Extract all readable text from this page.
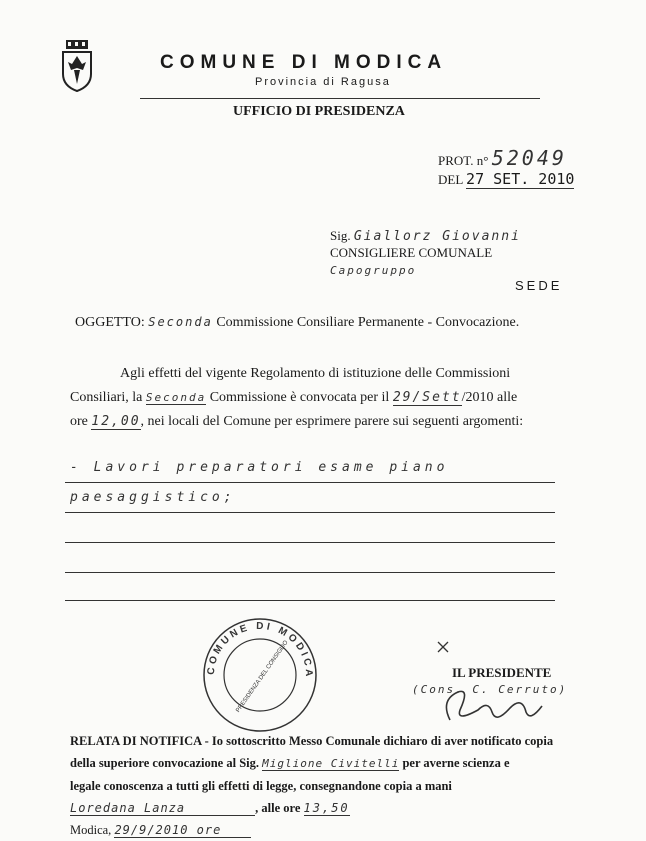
COMUNE DI MODICA
Provincia di Ragusa
UFFICIO DI PRESIDENZA
PROT. n° 52049
DEL 27 SET. 2010
Sig. Giallorz Giovanni
CONSIGLIERE COMUNALE
Capogruppo
SEDE
OGGETTO: Seconda Commissione Consiliare Permanente - Convocazione.
Agli effetti del vigente Regolamento di istituzione delle Commissioni
Consiliari, la Seconda Commissione è convocata per il 29/Sett/2010 alle
ore 12,00, nei locali del Comune per esprimere parere sui seguenti argomenti:
- Lavori preparatori esame piano
paesaggistico;
COMUNE DI MODICA
PRESIDENZA DEL CONSIGLIO	IL PRESIDENTE
(Cons. C. Cerruto)
RELATA DI NOTIFICA - Io sottoscritto Messo Comunale dichiaro di aver notificato copia
della superiore convocazione al Sig. Miglione Civitelli per averne scienza e
legale conoscenza a tutti gli effetti di legge, consegnandone copia a mani
Loredana Lanza	, alle ore 13,50
Modica, 29/9/2010 ore
